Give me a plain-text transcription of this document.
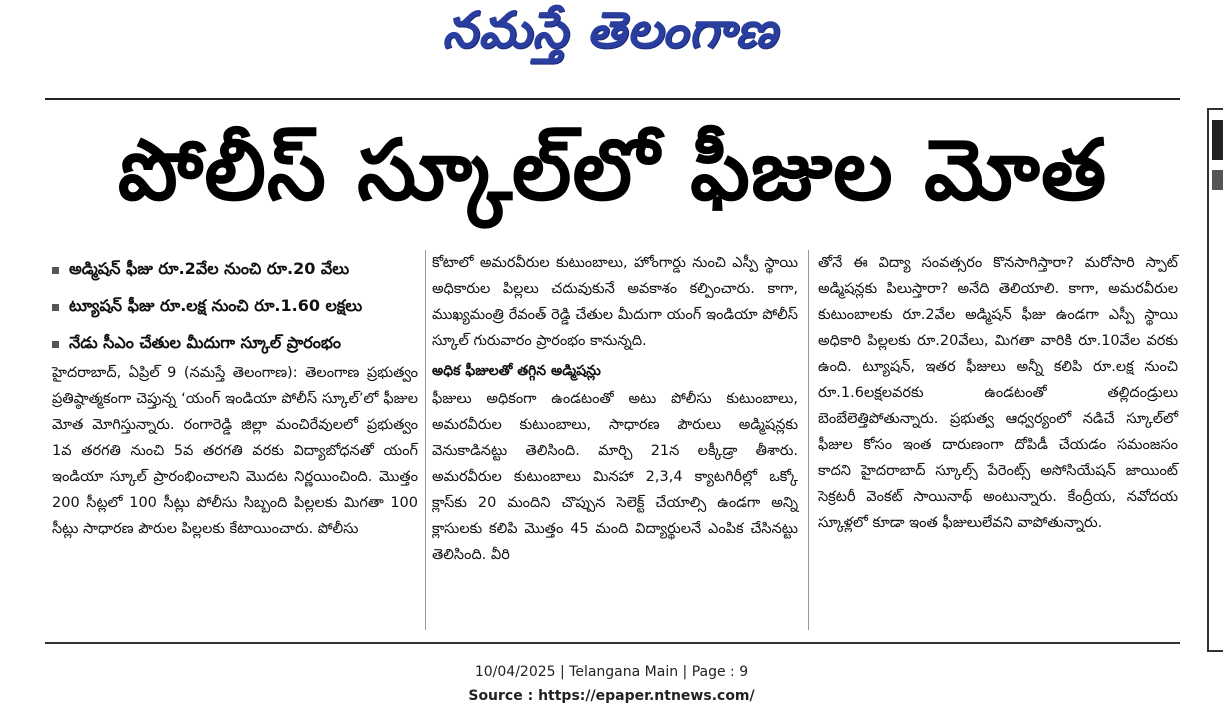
నమస్తే తెలంగాణ
పోలీస్ స్కూల్‌లో ఫీజుల మోత
అడ్మిషన్ ఫీజు రూ.2వేల నుంచి రూ.20 వేలు
ట్యూషన్ ఫీజు రూ.లక్ష నుంచి రూ.1.60 లక్షలు
నేడు సీఎం చేతుల మీదుగా స్కూల్ ప్రారంభం

హైదరాబాద్, ఏప్రిల్ 9 (నమస్తే తెలంగాణ): తెలంగాణ ప్రభుత్వం ప్రతిష్ఠాత్మకంగా చెప్తున్న ‘యంగ్ ఇండియా పోలీస్ స్కూల్’లో ఫీజుల మోత మోగిస్తున్నారు. రంగారెడ్డి జిల్లా మంచిరేవులలో ప్రభుత్వం 1వ తరగతి నుంచి 5వ తరగతి వరకు విద్యాబోధనతో యంగ్ ఇండియా స్కూల్ ప్రారంభించాలని మొదట నిర్ణయించింది. మొత్తం 200 సీట్లలో 100 సీట్లు పోలీసు సిబ్బంది పిల్లలకు మిగతా 100 సీట్లు సాధారణ పౌరుల పిల్లలకు కేటాయించారు. పోలీసు

కోటాలో అమరవీరుల కుటుంబాలు, హోంగార్డు నుంచి ఎస్పీ స్థాయి అధికారుల పిల్లలు చదువుకునే అవకాశం కల్పించారు. కాగా, ముఖ్యమంత్రి రేవంత్ రెడ్డి చేతుల మీదుగా యంగ్ ఇండియా పోలీస్ స్కూల్ గురువారం ప్రారంభం కానున్నది.

అధిక ఫీజులతో తగ్గిన అడ్మిషన్లు

ఫీజులు అధికంగా ఉండటంతో అటు పోలీసు కుటుంబాలు, అమరవీరుల కుటుంబాలు, సాధారణ పౌరులు అడ్మిషన్లకు వెనుకాడినట్టు తెలిసింది. మార్చి 21న లక్కీడ్రా తీశారు. అమరవీరుల కుటుంబాలు మినహా 2,3,4 క్యాటగిరీల్లో ఒక్కో క్లాస్‌కు 20 మందిని చొప్పున సెలెక్ట్ చేయాల్సి ఉండగా అన్ని క్లాసులకు కలిపి మొత్తం 45 మంది విద్యార్థులనే ఎంపిక చేసినట్టు తెలిసింది. వీరి

తోనే ఈ విద్యా సంవత్సరం కొనసాగిస్తారా? మరోసారి స్పాట్ అడ్మిషన్లకు పిలుస్తారా? అనేది తెలియాలి. కాగా, అమరవీరుల కుటుంబాలకు రూ.2వేల అడ్మిషన్ ఫీజు ఉండగా ఎస్పీ స్థాయి అధికారి పిల్లలకు రూ.20వేలు, మిగతా వారికి రూ.10వేల వరకు ఉంది. ట్యూషన్, ఇతర ఫీజులు అన్నీ కలిపి రూ.లక్ష నుంచి రూ.1.6లక్షలవరకు ఉండటంతో తల్లిదండ్రులు బెంబేలెత్తిపోతున్నారు. ప్రభుత్వ ఆధ్వర్యంలో నడిచే స్కూల్‌లో ఫీజుల కోసం ఇంత దారుణంగా దోపిడీ చేయడం సమంజసం కాదని హైదరాబాద్ స్కూల్స్ పేరెంట్స్ అసోసియేషన్ జాయింట్ సెక్రటరీ వెంకట్ సాయినాథ్ అంటున్నారు. కేంద్రీయ, నవోదయ స్కూళ్లలో కూడా ఇంత ఫీజులులేవని వాపోతున్నారు.

10/04/2025 | Telangana Main | Page : 9
Source : https://epaper.ntnews.com/
